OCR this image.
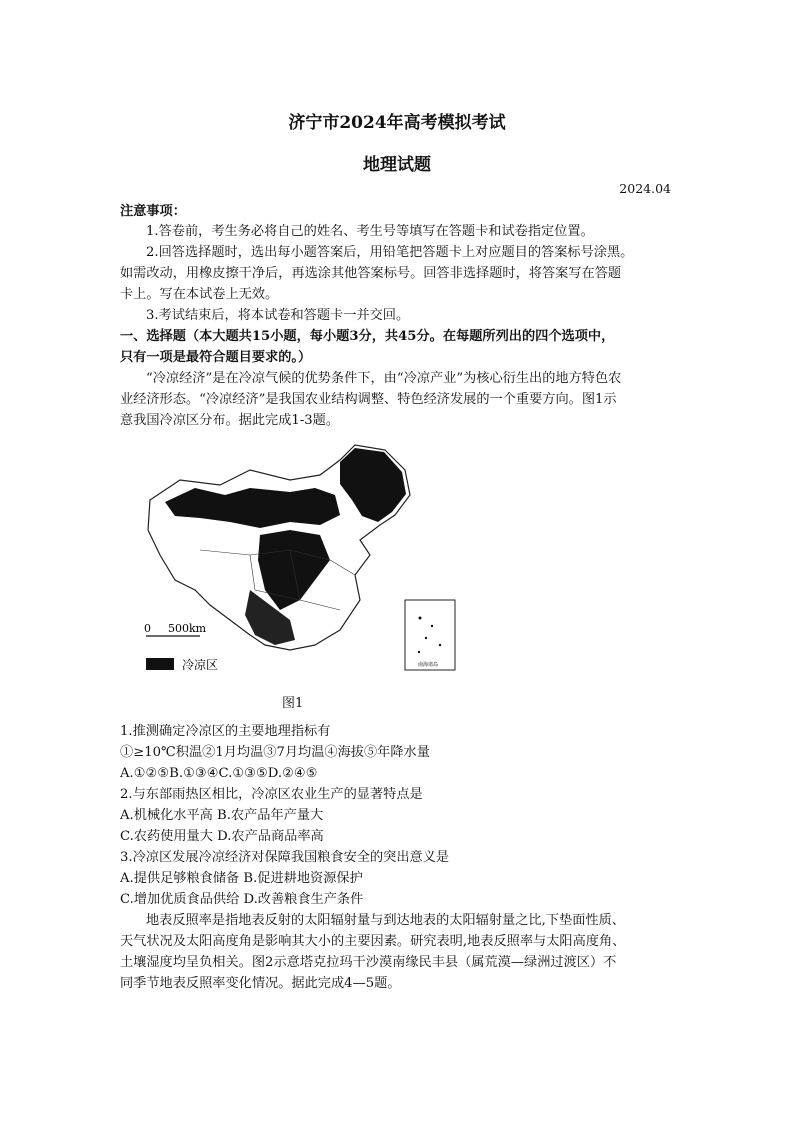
济宁市2024年高考模拟考试
地理试题
2024.04
注意事项：
1.答卷前，考生务必将自己的姓名、考生号等填写在答题卡和试卷指定位置。
2.回答选择题时，选出每小题答案后，用铅笔把答题卡上对应题目的答案标号涂黑。
如需改动，用橡皮擦干净后，再选涂其他答案标号。回答非选择题时，将答案写在答题
卡上。写在本试卷上无效。
3.考试结束后，将本试卷和答题卡一并交回。
一、选择题（本大题共15小题，每小题3分，共45分。在每题所列出的四个选项中，
只有一项是最符合题目要求的。）
“冷凉经济”是在冷凉气候的优势条件下，由“冷凉产业”为核心衍生出的地方特色农
业经济形态。“冷凉经济”是我国农业结构调整、特色经济发展的一个重要方向。图1示
意我国冷凉区分布。据此完成1-3题。
南海诸岛
0 500km
冷凉区
图1
1.推测确定冷凉区的主要地理指标有
①≥10℃积温②1月均温③7月均温④海拔⑤年降水量
A.①②⑤B.①③④C.①③⑤D.②④⑤
2.与东部雨热区相比，冷凉区农业生产的显著特点是
A.机械化水平高 B.农产品年产量大
C.农药使用量大 D.农产品商品率高
3.冷凉区发展冷凉经济对保障我国粮食安全的突出意义是
A.提供足够粮食储备 B.促进耕地资源保护
C.增加优质食品供给 D.改善粮食生产条件
地表反照率是指地表反射的太阳辐射量与到达地表的太阳辐射量之比,下垫面性质、
天气状况及太阳高度角是影响其大小的主要因素。研究表明,地表反照率与太阳高度角、
土壤湿度均呈负相关。图2示意塔克拉玛干沙漠南缘民丰县（属荒漠—绿洲过渡区）不
同季节地表反照率变化情况。据此完成4—5题。
